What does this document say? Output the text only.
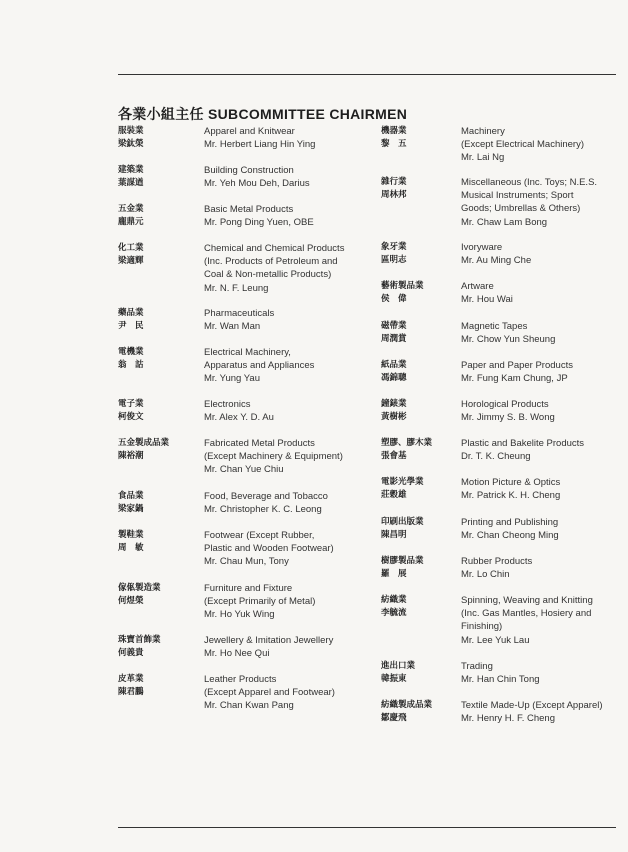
各業小組主任 SUBCOMMITTEE CHAIRMEN
服裝業
梁鈦榮
Apparel and Knitwear
Mr. Herbert Liang Hin Ying
建築業
葉謀遒
Building Construction
Mr. Yeh Mou Deh, Darius
五金業
龐鼎元
Basic Metal Products
Mr. Pong Ding Yuen, OBE
化工業
梁適輝
Chemical and Chemical Products
(Inc. Products of Petroleum and
Coal & Non-metallic Products)
Mr. N. F. Leung
藥品業
尹　民
Pharmaceuticals
Mr. Wan Man
電機業
翁　詁
Electrical Machinery,
Apparatus and Appliances
Mr. Yung Yau
電子業
柯俊文
Electronics
Mr. Alex Y. D. Au
五金製成品業
陳裕潮
Fabricated Metal Products
(Except Machinery & Equipment)
Mr. Chan Yue Chiu
食品業
梁家鍋
Food, Beverage and Tobacco
Mr. Christopher K. C. Leong
製鞋業
周　敏
Footwear (Except Rubber,
Plastic and Wooden Footwear)
Mr. Chau Mun, Tony
傢俬製造業
何煜榮
Furniture and Fixture
(Except Primarily of Metal)
Mr. Ho Yuk Wing
珠寶首飾業
何義貴
Jewellery & Imitation Jewellery
Mr. Ho Nee Qui
皮革業
陳君鵬
Leather Products
(Except Apparel and Footwear)
Mr. Chan Kwan Pang
機器業
黎　五
Machinery
(Except Electrical Machinery)
Mr. Lai Ng
雜行業
周林邦
Miscellaneous (Inc. Toys; N.E.S.
Musical Instruments; Sport
Goods; Umbrellas & Others)
Mr. Chaw Lam Bong
象牙業
區明志
Ivoryware
Mr. Au Ming Che
藝術製品業
侯　偉
Artware
Mr. Hou Wai
磁帶業
周潤賞
Magnetic Tapes
Mr. Chow Yun Sheung
紙品業
馮錦聰
Paper and Paper Products
Mr. Fung Kam Chung, JP
鐘錶業
黃樹彬
Horological Products
Mr. Jimmy S. B. Wong
塑膠、膠木業
張會基
Plastic and Bakelite Products
Dr. T. K. Cheung
電影光學業
莊穀雄
Motion Picture & Optics
Mr. Patrick K. H. Cheng
印刷出版業
陳昌明
Printing and Publishing
Mr. Chan Cheong Ming
樹膠製品業
羅　展
Rubber Products
Mr. Lo Chin
紡織業
李毓流
Spinning, Weaving and Knitting
(Inc. Gas Mantles, Hosiery and
Finishing)
Mr. Lee Yuk Lau
進出口業
韓振東
Trading
Mr. Han Chin Tong
紡織製成品業
鄒慶飛
Textile Made-Up (Except Apparel)
Mr. Henry H. F. Cheng
